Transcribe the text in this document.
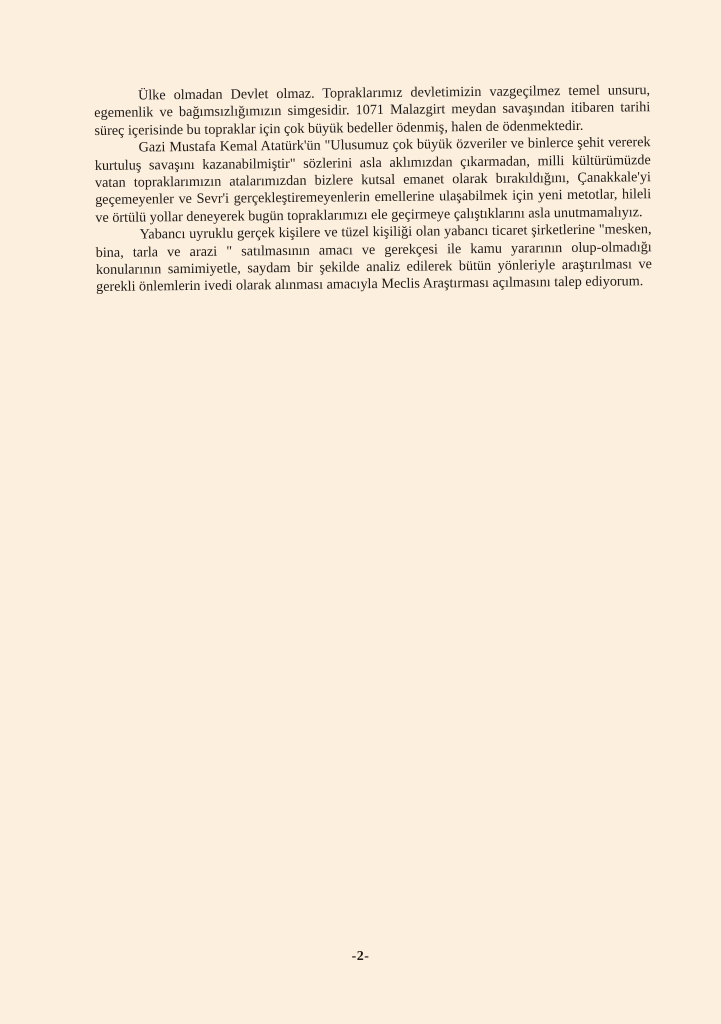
Ülke olmadan Devlet olmaz. Topraklarımız devletimizin vazgeçilmez temel unsuru, egemenlik ve bağımsızlığımızın simgesidir. 1071 Malazgirt meydan savaşından itibaren tarihi süreç içerisinde bu topraklar için çok büyük bedeller ödenmiş, halen de ödenmektedir.

Gazi Mustafa Kemal Atatürk'ün "Ulusumuz çok büyük özveriler ve binlerce şehit vererek kurtuluş savaşını kazanabilmiştir" sözlerini asla aklımızdan çıkarmadan, milli kültürümüzde vatan topraklarımızın atalarımızdan bizlere kutsal emanet olarak bırakıldığını, Çanakkale'yi geçemeyenler ve Sevr'i gerçekleştiremeyenlerin emellerine ulaşabilmek için yeni metotlar, hileli ve örtülü yollar deneyerek bugün topraklarımızı ele geçirmeye çalıştıklarını asla unutmamalıyız.

Yabancı uyruklu gerçek kişilere ve tüzel kişiliği olan yabancı ticaret şirketlerine "mesken, bina, tarla ve arazi " satılmasının amacı ve gerekçesi ile kamu yararının olup-olmadığı konularının samimiyetle, saydam bir şekilde analiz edilerek bütün yönleriyle araştırılması ve gerekli önlemlerin ivedi olarak alınması amacıyla Meclis Araştırması açılmasını talep ediyorum.

-2-
